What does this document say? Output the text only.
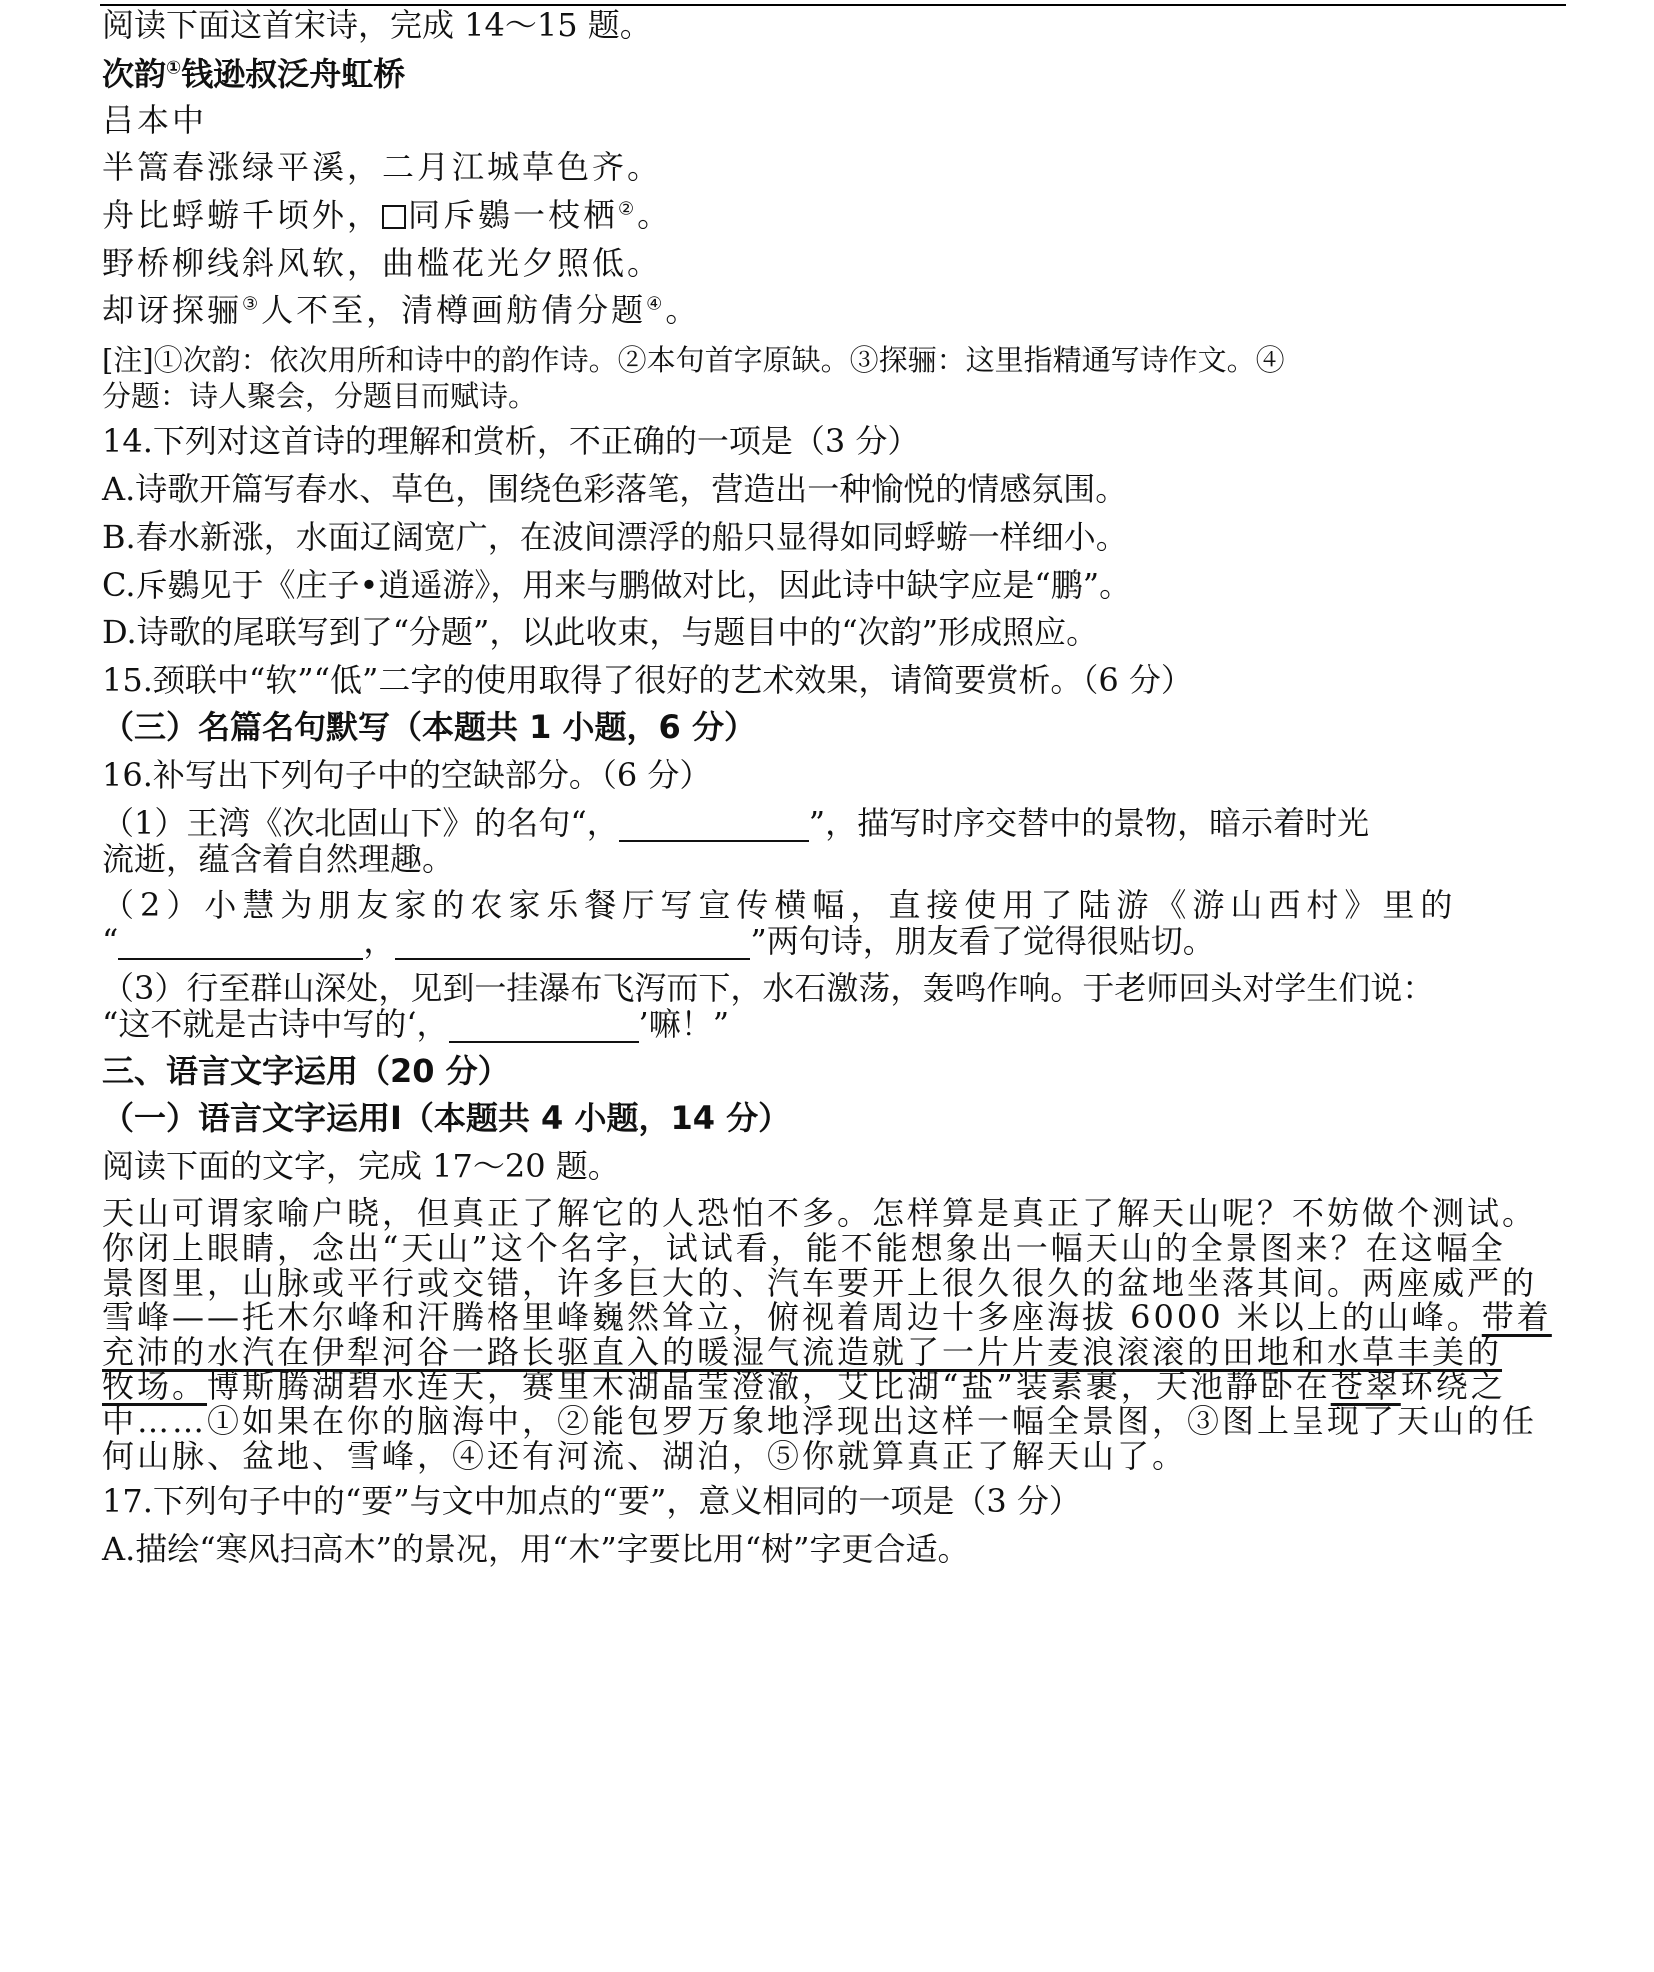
阅读下面这首宋诗，完成 14～15 题。
次韵①钱逊叔泛舟虹桥
吕本中
半篙春涨绿平溪，二月江城草色齐。
舟比蜉蝣千顷外， 同斥鷃一枝栖②。
野桥柳线斜风软，曲槛花光夕照低。
却讶探骊③人不至，清樽画舫倩分题④。
[注]①次韵：依次用所和诗中的韵作诗。②本句首字原缺。③探骊：这里指精通写诗作文。④
分题：诗人聚会，分题目而赋诗。
14.下列对这首诗的理解和赏析，不正确的一项是（3 分）
A.诗歌开篇写春水、草色，围绕色彩落笔，营造出一种愉悦的情感氛围。
B.春水新涨，水面辽阔宽广，在波间漂浮的船只显得如同蜉蝣一样细小。
C.斥鷃见于《庄子•逍遥游》，用来与鹏做对比，因此诗中缺字应是“鹏”。
D.诗歌的尾联写到了“分题”，以此收束，与题目中的“次韵”形成照应。
15.颈联中“软”“低”二字的使用取得了很好的艺术效果，请简要赏析。（6 分）
（三）名篇名句默写（本题共 1 小题，6 分）
16.补写出下列句子中的空缺部分。（6 分）
（1）王湾《次北固山下》的名句“，	”，描写时序交替中的景物，暗示着时光
流逝，蕴含着自然理趣。
（2）小慧为朋友家的农家乐餐厅写宣传横幅，直接使用了陆游《游山西村》里的
“	，	”两句诗，朋友看了觉得很贴切。
（3）行至群山深处，见到一挂瀑布飞泻而下，水石激荡，轰鸣作响。于老师回头对学生们说：
“这不就是古诗中写的‘，	’嘛！”
三、语言文字运用（20 分）
（一）语言文字运用Ⅰ（本题共 4 小题，14 分）
阅读下面的文字，完成 17～20 题。
天山可谓家喻户晓，但真正了解它的人恐怕不多。怎样算是真正了解天山呢？不妨做个测试。
你闭上眼睛，念出“天山”这个名字，试试看，能不能想象出一幅天山的全景图来？在这幅全
景图里，山脉或平行或交错，许多巨大的、汽车要开上很久很久的盆地坐落其间。两座威严的
雪峰——托木尔峰和汗腾格里峰巍然耸立，俯视着周边十多座海拔 6000 米以上的山峰。带着
充沛的水汽在伊犁河谷一路长驱直入的暖湿气流造就了一片片麦浪滚滚的田地和水草丰美的
牧场。博斯腾湖碧水连天，赛里木湖晶莹澄澈，艾比湖“盐”装素裹，天池静卧在苍翠环绕之
中……①如果在你的脑海中，②能包罗万象地浮现出这样一幅全景图，③图上呈现了天山的任
何山脉、盆地、雪峰，④还有河流、湖泊，⑤你就算真正了解天山了。
17.下列句子中的“要”与文中加点的“要”，意义相同的一项是（3 分）
A.描绘“寒风扫高木”的景况，用“木”字要比用“树”字更合适。
